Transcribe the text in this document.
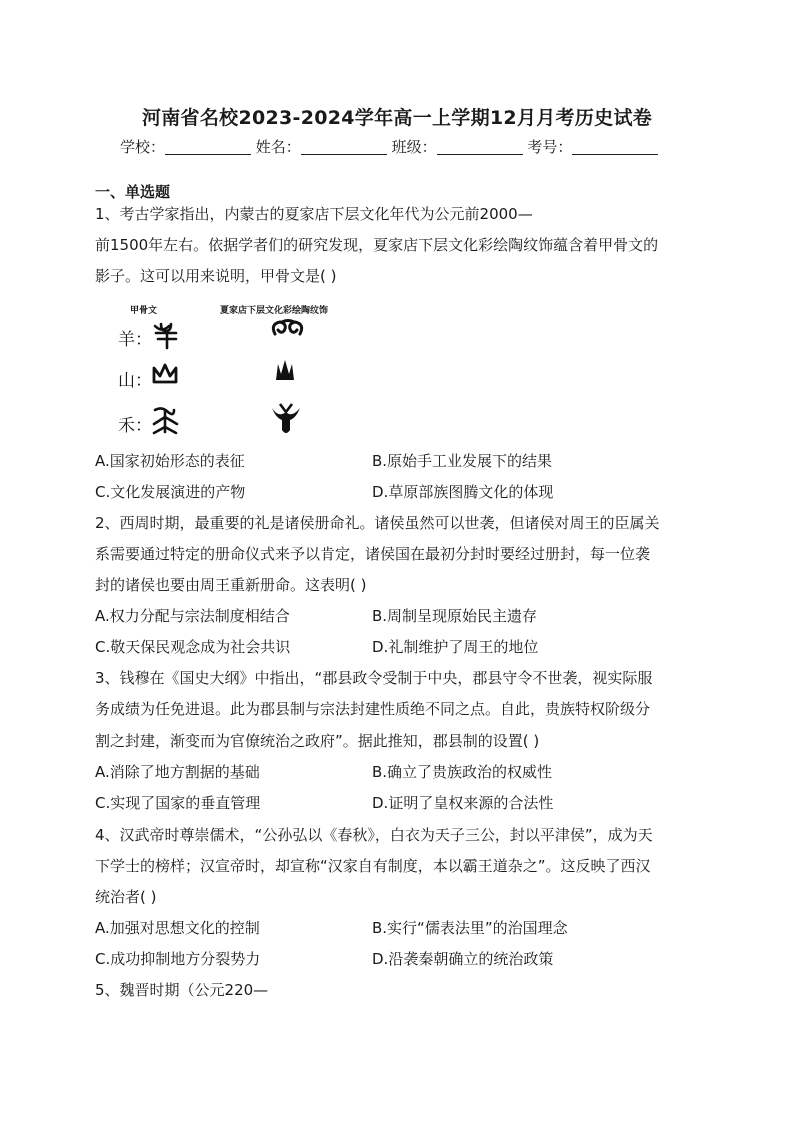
河南省名校2023-2024学年高一上学期12月月考历史试卷
学校：	姓名：	班级：	考号：
一、单选题
1、考古学家指出，内蒙古的夏家店下层文化年代为公元前2000—
前1500年左右。依据学者们的研究发现，夏家店下层文化彩绘陶纹饰蕴含着甲骨文的
影子。这可以用来说明，甲骨文是( )
甲骨文	夏家店下层文化彩绘陶纹饰
羊：
山：
禾：
A.国家初始形态的表征	B.原始手工业发展下的结果
C.文化发展演进的产物	D.草原部族图腾文化的体现
2、西周时期，最重要的礼是诸侯册命礼。诸侯虽然可以世袭，但诸侯对周王的臣属关
系需要通过特定的册命仪式来予以肯定，诸侯国在最初分封时要经过册封，每一位袭
封的诸侯也要由周王重新册命。这表明( )
A.权力分配与宗法制度相结合	B.周制呈现原始民主遗存
C.敬天保民观念成为社会共识	D.礼制维护了周王的地位
3、钱穆在《国史大纲》中指出，“郡县政令受制于中央，郡县守令不世袭，视实际服
务成绩为任免进退。此为郡县制与宗法封建性质绝不同之点。自此，贵族特权阶级分
割之封建，渐变而为官僚统治之政府”。据此推知，郡县制的设置( )
A.消除了地方割据的基础	B.确立了贵族政治的权威性
C.实现了国家的垂直管理	D.证明了皇权来源的合法性
4、汉武帝时尊崇儒术，“公孙弘以《春秋》，白衣为天子三公，封以平津侯”，成为天
下学士的榜样；汉宣帝时，却宣称“汉家自有制度，本以霸王道杂之”。这反映了西汉
统治者( )
A.加强对思想文化的控制	B.实行“儒表法里”的治国理念
C.成功抑制地方分裂势力	D.沿袭秦朝确立的统治政策
5、魏晋时期（公元220—
